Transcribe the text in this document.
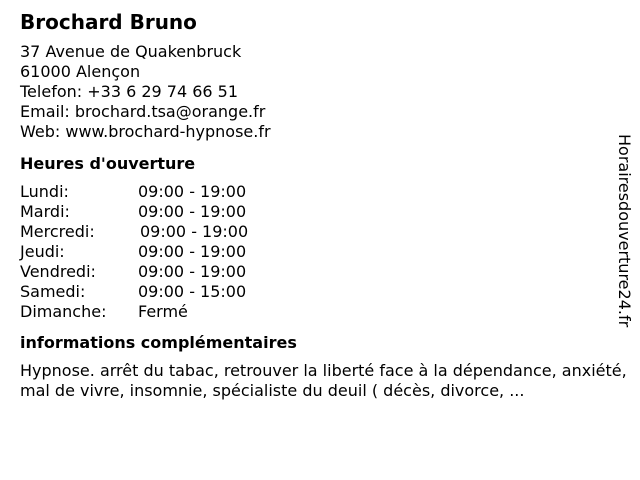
Brochard Bruno
37 Avenue de Quakenbruck
61000 Alençon
Telefon: +33 6 29 74 66 51
Email: brochard.tsa@orange.fr
Web: www.brochard-hypnose.fr
Heures d'ouverture
Lundi:	09:00 - 19:00
Mardi:	09:00 - 19:00
Mercredi:	09:00 - 19:00
Jeudi:	09:00 - 19:00
Vendredi:	09:00 - 19:00
Samedi:	09:00 - 15:00
Dimanche: Fermé
informations complémentaires
Hypnose. arrêt du tabac, retrouver la liberté face à la dépendance, anxiété, mal de vivre, insomnie, spécialiste du deuil ( décès, divorce, ...
Horairesdouverture24.fr
